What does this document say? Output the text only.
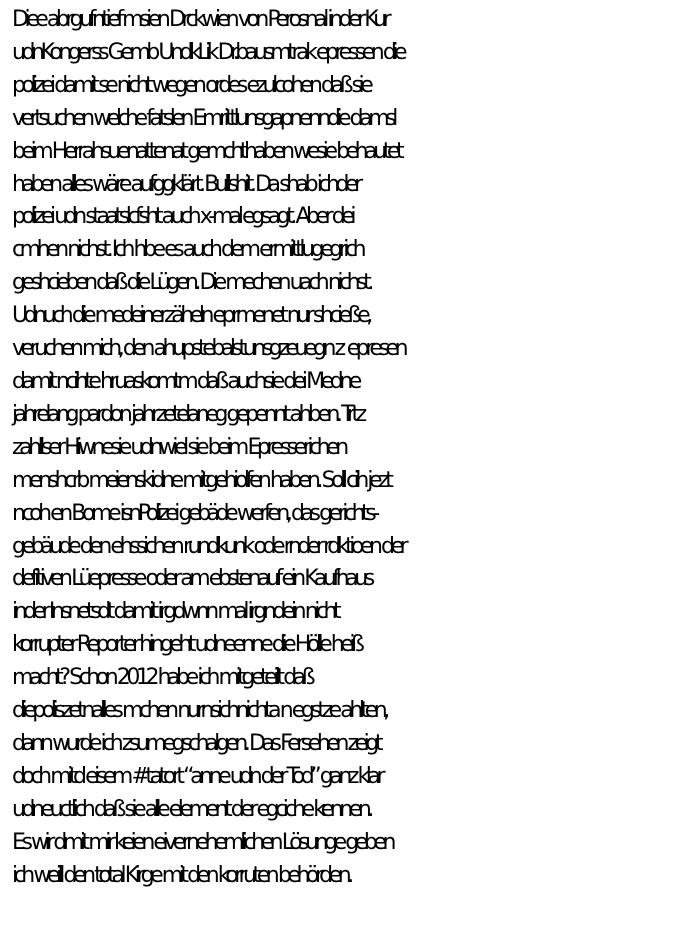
Diee abrgufntief msien Drckwien von Perosnal inder Kur
udnKongerss Gemb UndkLik Dr.bausmtrak epressen die
polizei damit se nicht wegen ordes ezulcohen daß sie
vertsuchen welche fatslen Emrittlunsgapnenndie damsl
beim Herrahsuenattenat gemchthaben wesie behautet
haben alles wäre aufggklärt. Bullshit. Da shab ichder
polizei udn staatslcfsht auch x-mal egsagt. Aber dei
cmhen nichst. Ich hbe es auch dem ermittlugegrich
geshcieben daß die Lügen. Die mechen uach nichst.
Udnuch die medeinerzäheln eprmenet nur shcieße,
veruchen mich, den ahupstebalstunsgzeuegn z  epresen
damit ncihte hruaskomtm daß auchsie dei Medne
jahrelang pardon jahrzetelaneg gepennt ahben. Trtz
zahllser Hiwnesie udnwiel sie beim Epresserichen
menshcrb meienskidne mitgehiolfen haben. Soll cih jezt
ncoh en Bome isnPolizei gebäde werfen, das gerichts-
gebäude den ehssichen rundkunk ode rnder rdktioen der
defitiven Lüepresse oder am ebstenauf ein Kaufhaus
inder Insnetsdt damit irgdwnn mal irgndein nicht
korrupter Reporter hingeht udneenne die Hölle heiß
macht? Schon 2012 habe ich mitgeteilt daß
diepoliszetnalles mchen nurnsichnichta n egstze ahlten,
dann wurde ich zsumegschalgen. Das Fersehen zeigt
doch mitd eisem #tatort “anne udn der Tod” ganz klar
udneuctlich daß sie alle element der egciche kennen.
Es wir dmit mir keien eivernehemlichen Lösunge geben
ich weill den total Kirge mit den korruten behörden.
